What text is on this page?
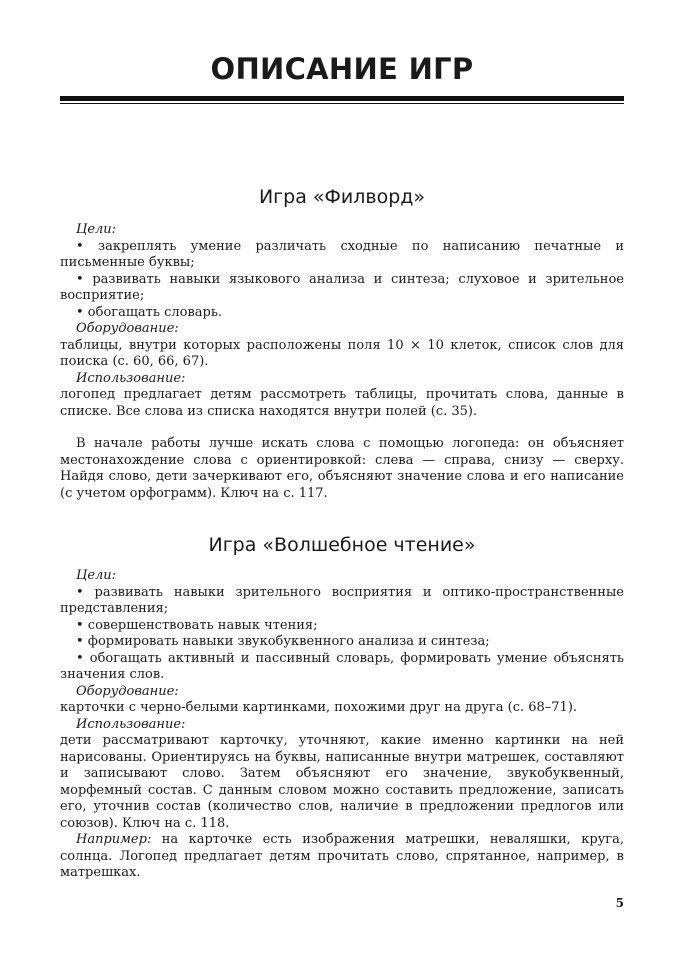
ОПИСАНИЕ ИГР
Игра «Филворд»

Цели:

• закреплять умение различать сходные по написанию печатные и письменные буквы;

• развивать навыки языкового анализа и синтеза; слуховое и зрительное восприятие;

• обогащать словарь.

Оборудование:

таблицы, внутри которых расположены поля 10 × 10 клеток, список слов для поиска (с. 60, 66, 67).

Использование:

логопед предлагает детям рассмотреть таблицы, прочитать слова, данные в списке. Все слова из списка находятся внутри полей (с. 35).

В начале работы лучше искать слова с помощью логопеда: он объясняет местонахождение слова с ориентировкой: слева — справа, снизу — сверху. Найдя слово, дети зачеркивают его, объясняют значение слова и его написание (с учетом орфограмм). Ключ на с. 117.

Игра «Волшебное чтение»

Цели:

• развивать навыки зрительного восприятия и оптико-пространственные представления;

• совершенствовать навык чтения;

• формировать навыки звукобуквенного анализа и синтеза;

• обогащать активный и пассивный словарь, формировать умение объяснять значения слов.

Оборудование:

карточки с черно-белыми картинками, похожими друг на друга (с. 68–71).

Использование:

дети рассматривают карточку, уточняют, какие именно картинки на ней нарисованы. Ориентируясь на буквы, написанные внутри матрешек, составляют и записывают слово. Затем объясняют его значение, звукобуквенный, морфемный состав. С данным словом можно составить предложение, записать его, уточнив состав (количество слов, наличие в предложении предлогов или союзов). Ключ на с. 118.

Например: на карточке есть изображения матрешки, неваляшки, круга, солнца. Логопед предлагает детям прочитать слово, спрятанное, например, в матрешках.

5
